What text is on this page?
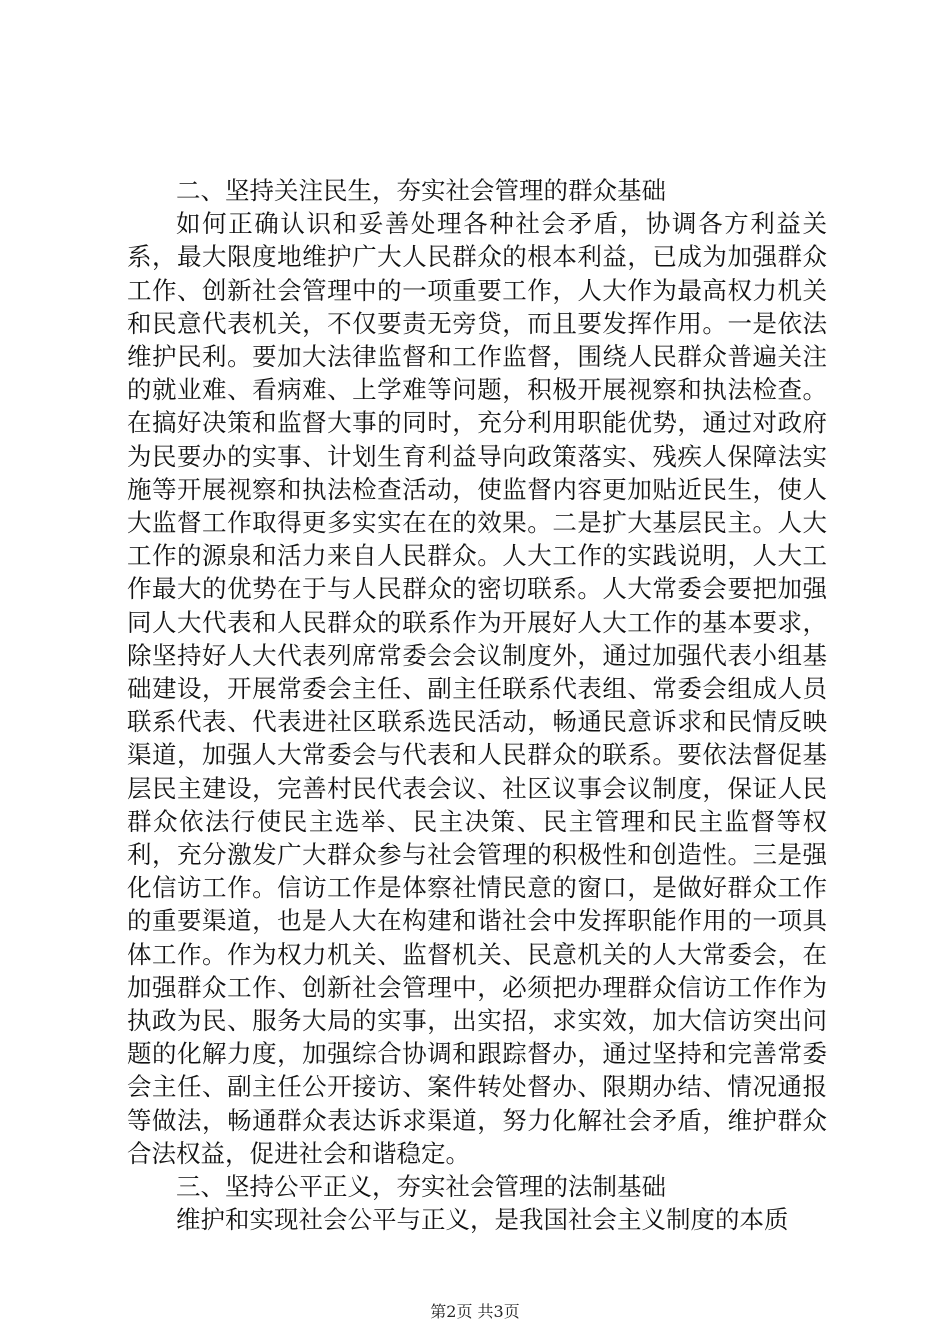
二、坚持关注民生，夯实社会管理的群众基础

如何正确认识和妥善处理各种社会矛盾，协调各方利益关系，最大限度地维护广大人民群众的根本利益，已成为加强群众工作、创新社会管理中的一项重要工作，人大作为最高权力机关和民意代表机关，不仅要责无旁贷，而且要发挥作用。一是依法维护民利。要加大法律监督和工作监督，围绕人民群众普遍关注的就业难、看病难、上学难等问题，积极开展视察和执法检查。在搞好决策和监督大事的同时，充分利用职能优势，通过对政府为民要办的实事、计划生育利益导向政策落实、残疾人保障法实施等开展视察和执法检查活动，使监督内容更加贴近民生，使人大监督工作取得更多实实在在的效果。二是扩大基层民主。人大工作的源泉和活力来自人民群众。人大工作的实践说明，人大工作最大的优势在于与人民群众的密切联系。人大常委会要把加强同人大代表和人民群众的联系作为开展好人大工作的基本要求，除坚持好人大代表列席常委会会议制度外，通过加强代表小组基础建设，开展常委会主任、副主任联系代表组、常委会组成人员联系代表、代表进社区联系选民活动，畅通民意诉求和民情反映渠道，加强人大常委会与代表和人民群众的联系。要依法督促基层民主建设，完善村民代表会议、社区议事会议制度，保证人民群众依法行使民主选举、民主决策、民主管理和民主监督等权利，充分激发广大群众参与社会管理的积极性和创造性。三是强化信访工作。信访工作是体察社情民意的窗口，是做好群众工作的重要渠道，也是人大在构建和谐社会中发挥职能作用的一项具体工作。作为权力机关、监督机关、民意机关的人大常委会，在加强群众工作、创新社会管理中，必须把办理群众信访工作作为执政为民、服务大局的实事，出实招，求实效，加大信访突出问题的化解力度，加强综合协调和跟踪督办，通过坚持和完善常委会主任、副主任公开接访、案件转处督办、限期办结、情况通报等做法，畅通群众表达诉求渠道，努力化解社会矛盾，维护群众合法权益，促进社会和谐稳定。

三、坚持公平正义，夯实社会管理的法制基础

维护和实现社会公平与正义，是我国社会主义制度的本质

第2页 共3页
